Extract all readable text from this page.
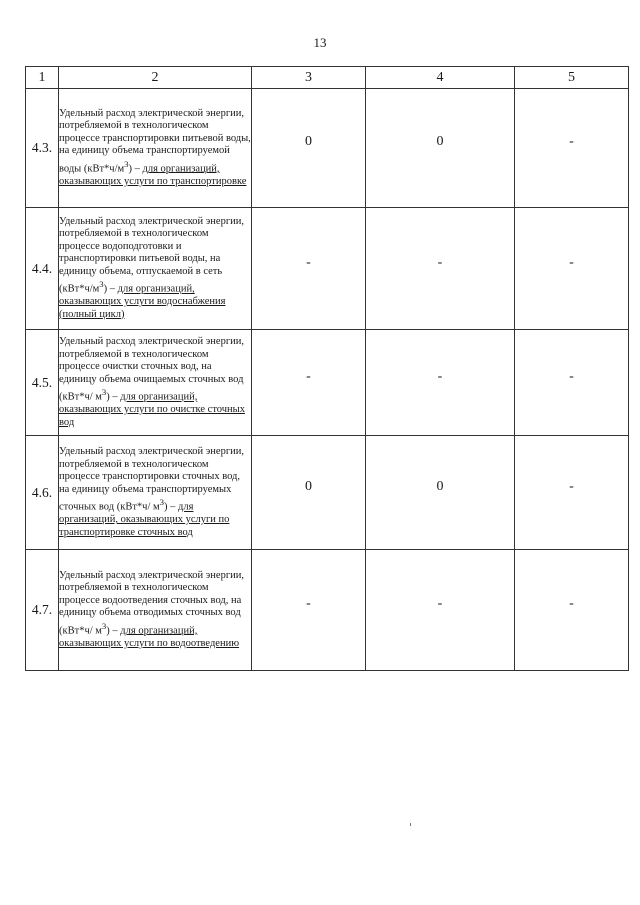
13
1	2	3	4	5
4.3.	Удельный расход электрической энергии, потребляемой в технологическом процессе транспортировки питьевой воды, на единицу объема транспортируемой воды $(кВт*ч/м^3)$ – для организаций, оказывающих услуги по транспортировке	0	0	-
4.4.	Удельный расход электрической энергии, потребляемой в технологическом процессе водоподготовки и транспортировки питьевой воды, на единицу объема, отпускаемой в сеть $(кВт*ч/м^3)$ – для организаций, оказывающих услуги водоснабжения (полный цикл)	-	-	-
4.5.	Удельный расход электрической энергии, потребляемой в технологическом процессе очистки сточных вод, на единицу объема очищаемых сточных вод (кВт*ч/ $м^3$) – для организаций, оказывающих услуги по очистке сточных вод	-	-	-
4.6.	Удельный расход электрической энергии, потребляемой в технологическом процессе транспортировки сточных вод, на единицу объема транспортируемых сточных вод (кВт*ч/ $м^3$) – для организаций, оказывающих услуги по транспортировке сточных вод	0	0	-
4.7.	Удельный расход электрической энергии, потребляемой в технологическом процессе водоотведения сточных вод, на единицу объема отводимых сточных вод (кВт*ч/ $м^3$) – для организаций, оказывающих услуги по водоотведению	-	-	-
